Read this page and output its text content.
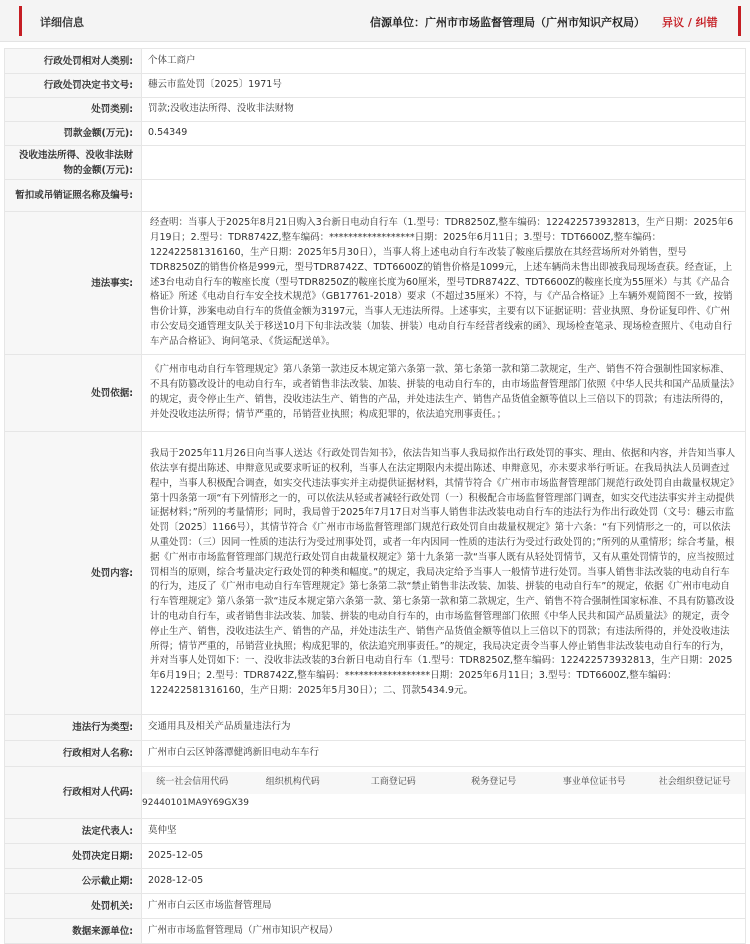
详细信息	信源单位：广州市市场监督管理局（广州市知识产权局） 异议 / 纠错
行政处罚相对人类别:	个体工商户
行政处罚决定书文号:	穗云市监处罚〔2025〕1971号
处罚类别:	罚款;没收违法所得、没收非法财物
罚款金额(万元):	0.54349
没收违法所得、没收非法财物的金额(万元):	
暂扣或吊销证照名称及编号:	
违法事实:	经查明：当事人于2025年8月21日购入3台新日电动自行车（1.型号：TDR8250Z,整车编码：122422573932813，生产日期：2025年6月19日；2.型号：TDR8742Z,整车编码：******************日期：2025年6月11日；3.型号：TDT6600Z,整车编码：122422581316160，生产日期：2025年5月30日），当事人将上述电动自行车改装了鞍座后摆放在其经营场所对外销售，型号TDR8250Z的销售价格是999元，型号TDR8742Z、TDT6600Z的销售价格是1099元，上述车辆尚未售出即被我局现场查获。经查证，上述3台电动自行车的鞍座长度（型号TDR8250Z的鞍座长度为60厘米，型号TDR8742Z、TDT6600Z的鞍座长度为55厘米）与其《产品合格证》所述《电动自行车安全技术规范》（GB17761-2018）要求（不超过35厘米）不符，与《产品合格证》上车辆外观简图不一致，按销售价计算，涉案电动自行车的货值金额为3197元，当事人无违法所得。上述事实，主要有以下证据证明：营业执照、身份证复印件、《广州市公安局交通管理支队关于移送10月下旬非法改装（加装、拼装）电动自行车经营者线索的函》、现场检查笔录、现场检查照片、《电动自行车产品合格证》、询问笔录、《货运配送单》。
处罚依据:	《广州市电动自行车管理规定》第八条第一款违反本规定第六条第一款、第七条第一款和第二款规定，生产、销售不符合强制性国家标准、不具有防篡改设计的电动自行车，或者销售非法改装、加装、拼装的电动自行车的，由市场监督管理部门依照《中华人民共和国产品质量法》的规定，责令停止生产、销售，没收违法生产、销售的产品，并处违法生产、销售产品货值金额等值以上三倍以下的罚款；有违法所得的，并处没收违法所得；情节严重的，吊销营业执照；构成犯罪的，依法追究刑事责任。；
处罚内容:	我局于2025年11月26日向当事人送达《行政处罚告知书》，依法告知当事人我局拟作出行政处罚的事实、理由、依据和内容，并告知当事人依法享有提出陈述、申辩意见或要求听证的权利，当事人在法定期限内未提出陈述、申辩意见，亦未要求举行听证。在我局执法人员调查过程中，当事人积极配合调查，如实交代违法事实并主动提供证据材料，其情节符合《广州市市场监督管理部门规范行政处罚自由裁量权规定》第十四条第一项“有下列情形之一的，可以依法从轻或者减轻行政处罚（一）积极配合市场监督管理部门调查，如实交代违法事实并主动提供证据材料；”所列的考量情形；同时，我局曾于2025年7月17日对当事人销售非法改装电动自行车的违法行为作出行政处罚（文号：穗云市监处罚〔2025〕1166号），其情节符合《广州市市场监督管理部门规范行政处罚自由裁量权规定》第十六条：“有下列情形之一的，可以依法从重处罚：（三）因同一性质的违法行为受过刑事处罚，或者一年内因同一性质的违法行为受过行政处罚的；”所列的从重情形；综合考量，根据《广州市市场监督管理部门规范行政处罚自由裁量权规定》第十九条第一款“当事人既有从轻处罚情节，又有从重处罚情节的，应当按照过罚相当的原则，综合考量决定行政处罚的种类和幅度。”的规定，我局决定给予当事人一般情节进行处罚。当事人销售非法改装的电动自行车的行为，违反了《广州市电动自行车管理规定》第七条第二款“禁止销售非法改装、加装、拼装的电动自行车”的规定，依据《广州市电动自行车管理规定》第八条第一款“违反本规定第六条第一款、第七条第一款和第二款规定，生产、销售不符合强制性国家标准、不具有防篡改设计的电动自行车，或者销售非法改装、加装、拼装的电动自行车的，由市场监督管理部门依照《中华人民共和国产品质量法》的规定，责令停止生产、销售，没收违法生产、销售的产品，并处违法生产、销售产品货值金额等值以上三倍以下的罚款；有违法所得的，并处没收违法所得；情节严重的，吊销营业执照；构成犯罪的，依法追究刑事责任。”的规定，我局决定责令当事人停止销售非法改装电动自行车的行为，并对当事人处罚如下：一、没收非法改装的3台新日电动自行车（1.型号：TDR8250Z,整车编码：122422573932813，生产日期：2025年6月19日；2.型号：TDR8742Z,整车编码：******************日期：2025年6月11日；3.型号：TDT6600Z,整车编码：122422581316160，生产日期：2025年5月30日）；二、罚款5434.9元。
违法行为类型:	交通用具及相关产品质量违法行为
行政相对人名称:	广州市白云区钟落潭健鸿新旧电动车车行
行政相对人代码:	
统一社会信用代码	组织机构代码	工商登记码	税务登记号	事业单位证书号	社会组织登记证号
92440101MA9Y69GX39					

法定代表人:	莫仲坚
处罚决定日期:	2025-12-05
公示截止期:	2028-12-05
处罚机关:	广州市白云区市场监督管理局
数据来源单位:	广州市市场监督管理局（广州市知识产权局）
